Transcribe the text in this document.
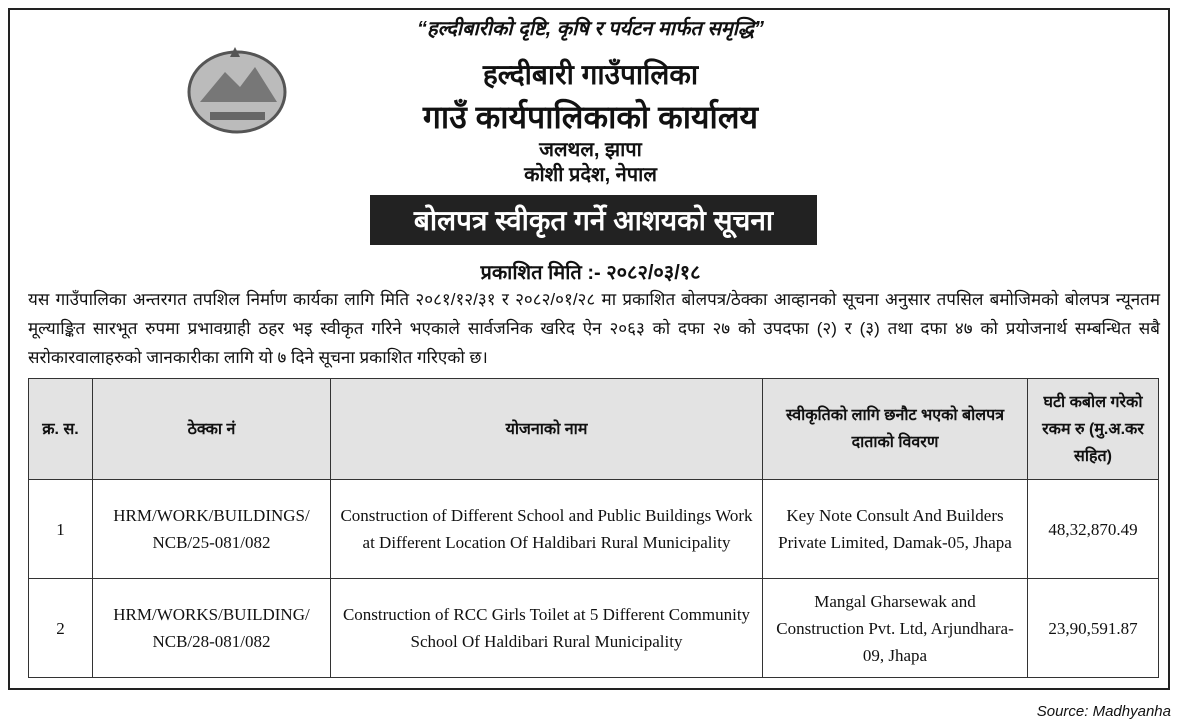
“हल्दीबारीको दृष्टि, कृषि र पर्यटन मार्फत समृद्धि”
हल्दीबारी गाउँपालिका
गाउँ कार्यपालिकाको कार्यालय
जलथल, झापा
कोशी प्रदेश, नेपाल
बोलपत्र स्वीकृत गर्ने आशयको सूचना
प्रकाशित मिति :- २०८२/०३/१८
यस गाउँपालिका अन्तरगत तपशिल निर्माण कार्यका लागि मिति २०८१/१२/३१ र २०८२/०१/२८ मा प्रकाशित बोलपत्र/ठेक्का आव्हानको सूचना अनुसार तपसिल बमोजिमको बोलपत्र न्यूनतम मूल्याङ्कित सारभूत रुपमा प्रभावग्राही ठहर भइ स्वीकृत गरिने भएकाले सार्वजनिक खरिद ऐन २०६३ को दफा २७ को उपदफा (२) र (३) तथा दफा ४७ को प्रयोजनार्थ सम्बन्धित सबै सरोकारवालाहरुको जानकारीका लागि यो ७ दिने सूचना प्रकाशित गरिएको छ।
क्र. स.	ठेक्का नं	योजनाको नाम	स्वीकृतिको लागि छनौट भएको बोलपत्र दाताको विवरण	घटी कबोल गरेको रकम रु (मु.अ.कर सहित)
1	HRM/WORK/BUILDINGS/ NCB/25-081/082	Construction of Different School and Public Buildings Work at Different Location Of Haldibari Rural Municipality	Key Note Consult And Builders Private Limited, Damak-05, Jhapa	48,32,870.49
2	HRM/WORKS/BUILDING/ NCB/28-081/082	Construction of RCC Girls Toilet at 5 Different Community School Of Haldibari Rural Municipality	Mangal Gharsewak and Construction Pvt. Ltd, Arjundhara-09, Jhapa	23,90,591.87
Source: Madhyanha
